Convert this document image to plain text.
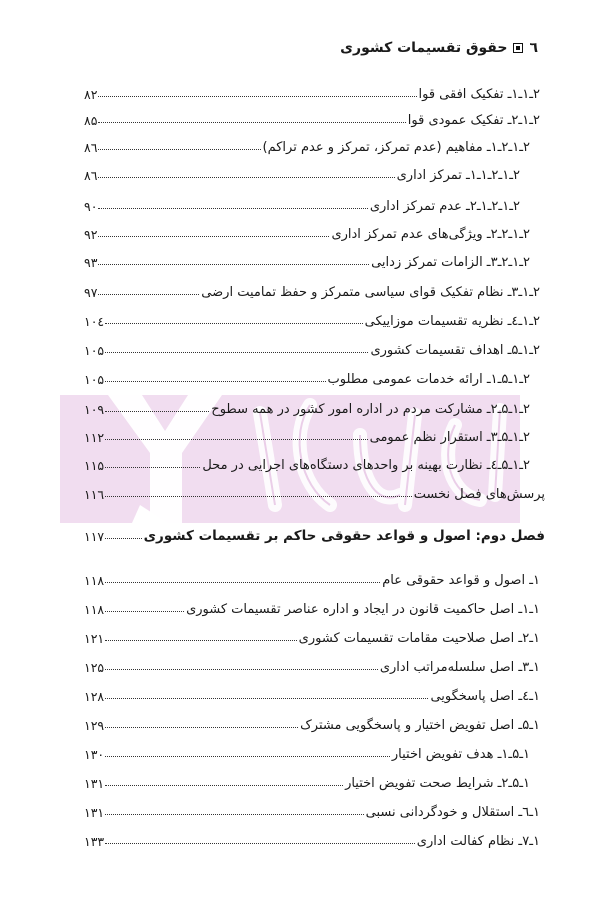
٦
حقوق تقسیمات کشوری
۲ـ۱ـ۱ـ تفکیک افقی قوا
۸۲
۲ـ۱ـ۲ـ تفکیک عمودی قوا
۸۵
۲ـ۱ـ۲ـ۱ـ مفاهیم (عدم تمرکز، تمرکز و عدم تراکم)
۸٦
۲ـ۱ـ۲ـ۱ـ۱ـ تمرکز اداری
۸٦
۲ـ۱ـ۲ـ۱ـ۲ـ عدم تمرکز اداری
۹۰
۲ـ۱ـ۲ـ۲ـ ویژگی‌های عدم تمرکز اداری
۹۲
۲ـ۱ـ۲ـ۳ـ الزامات تمرکز زدایی
۹۳
۲ـ۱ـ۳ـ نظام تفکیک قوای سیاسی متمرکز و حفظ تمامیت ارضی
۹۷
۲ـ۱ـ٤ـ نظریه تقسیمات موزاییکی
۱۰٤
۲ـ۱ـ۵ـ اهداف تقسیمات کشوری
۱۰۵
۲ـ۱ـ۵ـ۱ـ ارائه خدمات عمومی مطلوب
۱۰۵
۲ـ۱ـ۵ـ۲ـ مشارکت مردم در اداره امور کشور در همه سطوح
۱۰۹
۲ـ۱ـ۵ـ۳ـ استقرار نظم عمومی
۱۱۲
۲ـ۱ـ۵ـ٤ـ نظارت بهینه بر واحدهای دستگاه‌های اجرایی در محل
۱۱۵
پرسش‌های فصل نخست
۱۱٦
فصل دوم: اصول و قواعد حقوقی حاکم بر تقسیمات کشوری
۱۱۷
۱ـ اصول و قواعد حقوقی عام
۱۱۸
۱ـ۱ـ اصل حاکمیت قانون در ایجاد و اداره عناصر تقسیمات کشوری
۱۱۸
۱ـ۲ـ اصل صلاحیت مقامات تقسیمات کشوری
۱۲۱
۱ـ۳ـ اصل سلسله‌مراتب اداری
۱۲۵
۱ـ٤ـ اصل پاسخگویی
۱۲۸
۱ـ۵ـ اصل تفویض اختیار و پاسخگویی مشترک
۱۲۹
۱ـ۵ـ۱ـ هدف تفویض اختیار
۱۳۰
۱ـ۵ـ۲ـ شرایط صحت تفویض اختیار
۱۳۱
۱ـ٦ـ استقلال و خودگردانی نسبی
۱۳۱
۱ـ۷ـ نظام کفالت اداری
۱۳۳
